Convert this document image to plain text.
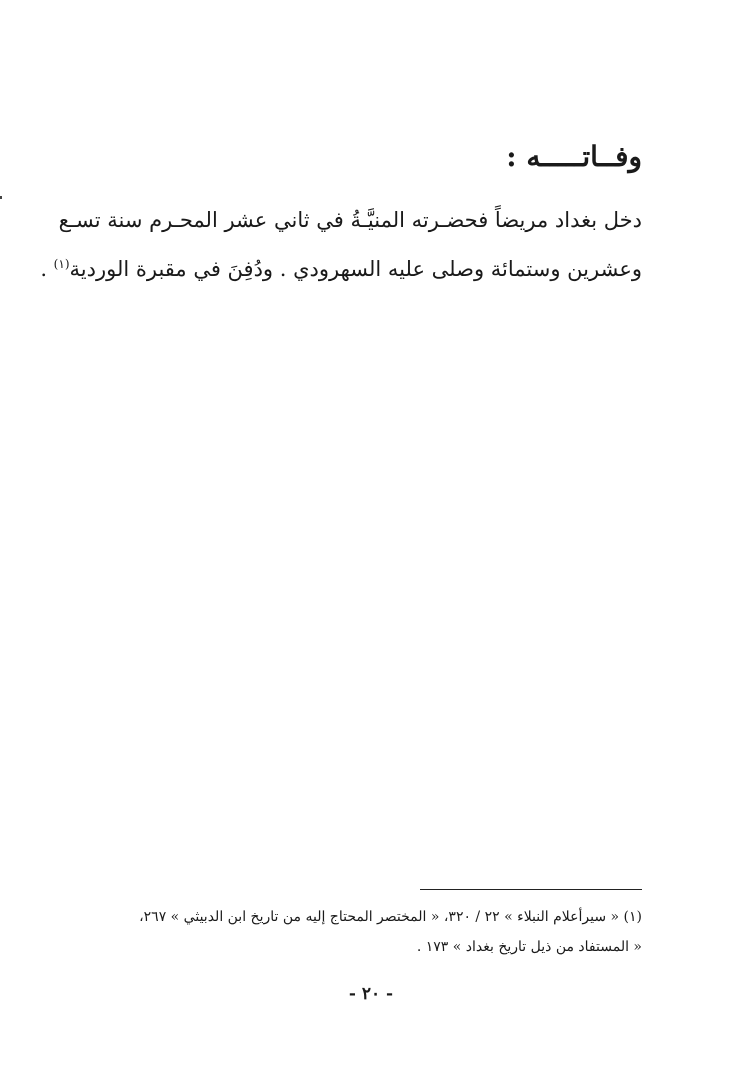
وفــاتـــــه :
دخل بغداد مريضاً فحضـرته المنيَّـةُ في ثاني عشر المحـرم سنة تسـع
وعشرين وستمائة وصلى عليه السهرودي . ودُفِنَ في مقبرة الوردية$^{(١)}$ .
(١) « سيرأعلام النبلاء » ٢٢ / ٣٢٠، « المختصر المحتاج إليه من تاريخ ابن الدبيثي » ٢٦٧،
« المستفاد من ذيل تاريخ بغداد » ١٧٣ .
- ٢٠ -
